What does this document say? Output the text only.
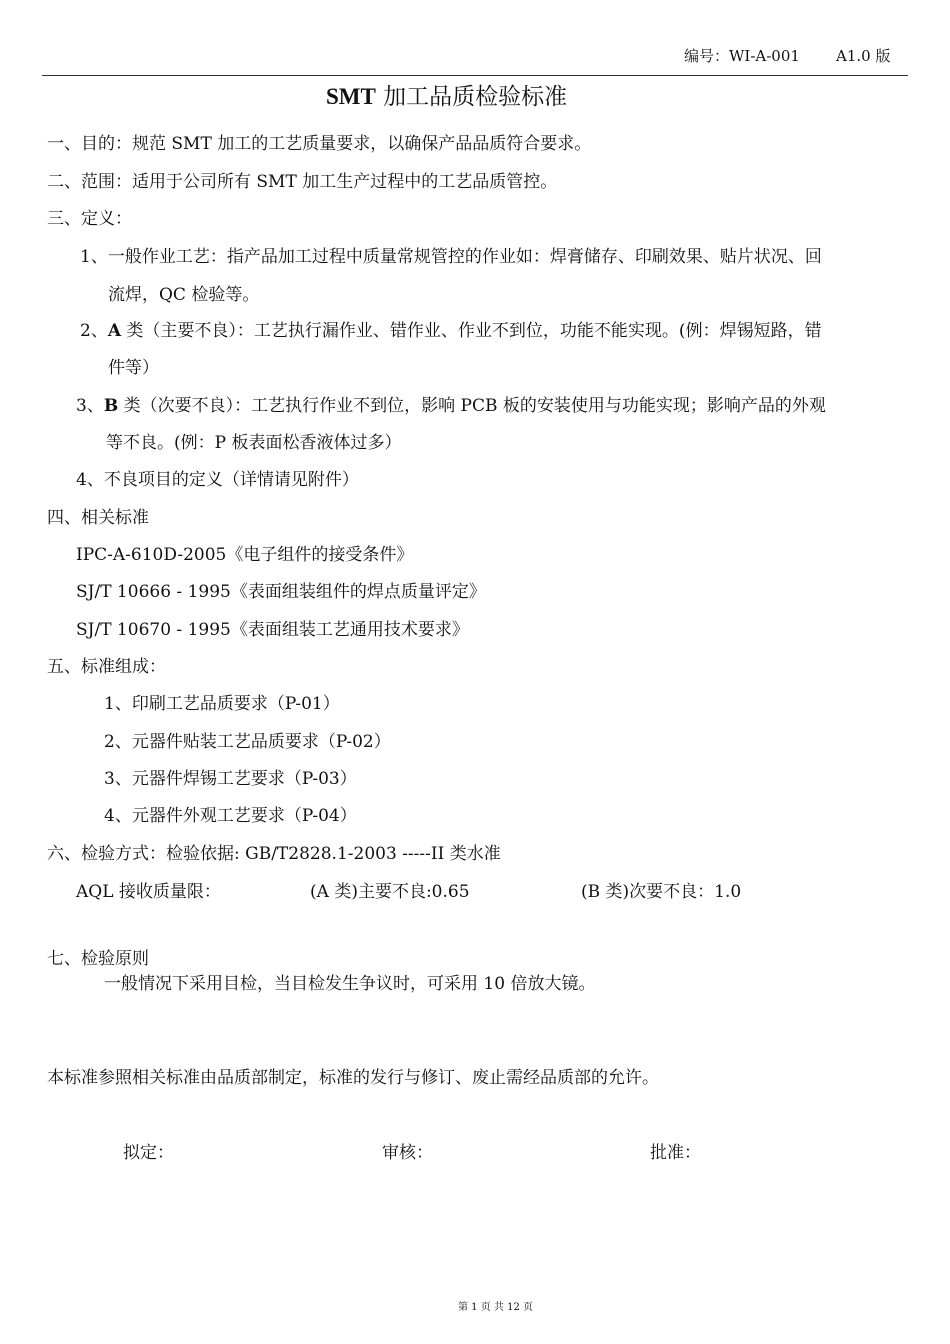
编号：WI-A-001 A1.0 版
SMT 加工品质检验标准
一、目的：规范 SMT 加工的工艺质量要求，以确保产品品质符合要求。
二、范围：适用于公司所有 SMT 加工生产过程中的工艺品质管控。
三、定义：
1、一般作业工艺：指产品加工过程中质量常规管控的作业如：焊膏储存、印刷效果、贴片状况、回
流焊，QC 检验等。
2、A 类（主要不良）：工艺执行漏作业、错作业、作业不到位，功能不能实现。(例：焊锡短路，错
件等）
3、B 类（次要不良）：工艺执行作业不到位，影响 PCB 板的安装使用与功能实现；影响产品的外观
等不良。(例：P 板表面松香液体过多）
4、不良项目的定义（详情请见附件）
四、相关标准
IPC-A-610D-2005《电子组件的接受条件》
SJ/T 10666 - 1995《表面组装组件的焊点质量评定》
SJ/T 10670 - 1995《表面组装工艺通用技术要求》
五、标准组成：
1、印刷工艺品质要求（P-01）
2、元器件贴装工艺品质要求（P-02）
3、元器件焊锡工艺要求（P-03）
4、元器件外观工艺要求（P-04）
六、检验方式：检验依据: GB/T2828.1-2003 -----II 类水准
AQL 接收质量限：	(A 类)主要不良:0.65	(B 类)次要不良：1.0
七、检验原则
一般情况下采用目检，当目检发生争议时，可采用 10 倍放大镜。
本标准参照相关标准由品质部制定，标准的发行与修订、废止需经品质部的允许。
拟定：	审核：	批准：
第 1 页 共 12 页
